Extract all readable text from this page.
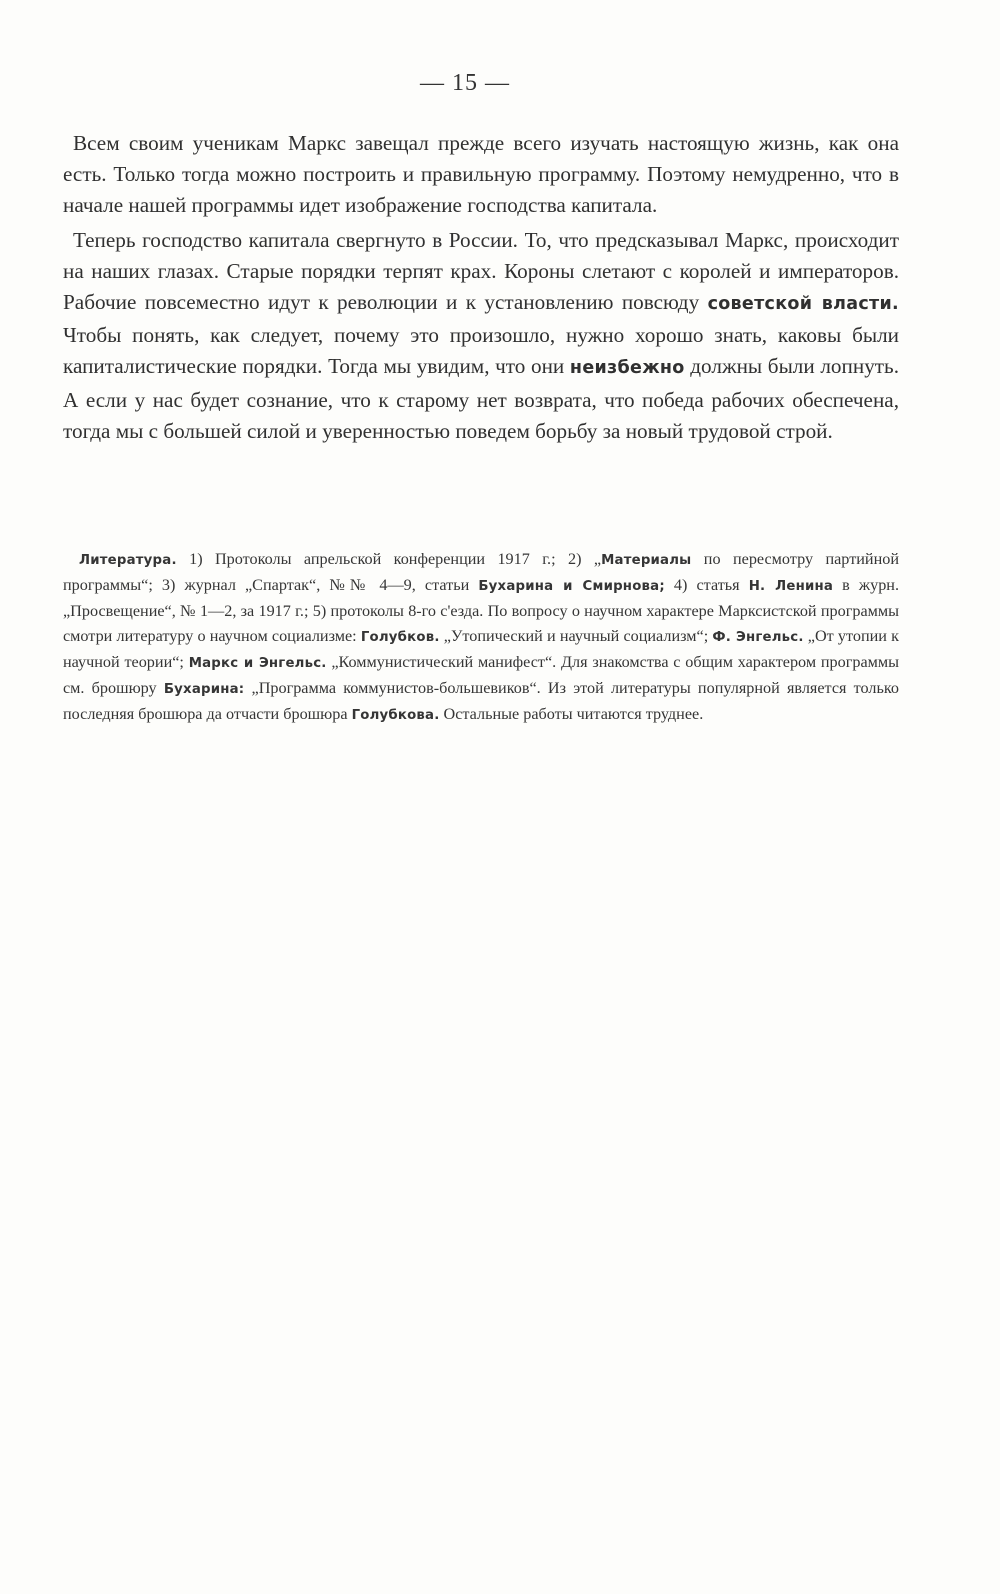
— 15 —

Всем своим ученикам Маркс завещал прежде всего изучать настоящую жизнь, как она есть. Только тогда можно построить и правильную программу. Поэтому немудренно, что в начале нашей программы идет изображение господства капитала.

Теперь господство капитала свергнуто в России. То, что предсказывал Маркс, происходит на наших глазах. Старые порядки терпят крах. Короны слетают с королей и императоров. Рабочие повсеместно идут к революции и к установлению повсюду советской власти. Чтобы понять, как следует, почему это произошло, нужно хорошо знать, каковы были капиталистические порядки. Тогда мы увидим, что они неизбежно должны были лопнуть. А если у нас будет сознание, что к старому нет возврата, что победа рабочих обеспечена, тогда мы с большей силой и уверенностью поведем борьбу за новый трудовой строй.

Литература. 1) Протоколы апрельской конференции 1917 г.; 2) „Материалы по пересмотру партийной программы“; 3) журнал „Спартак“, №№ 4—9, статьи Бухарина и Смирнова; 4) статья Н. Ленина в журн. „Просвещение“, № 1—2, за 1917 г.; 5) протоколы 8-го с'езда. По вопросу о научном характере Марксистской программы смотри литературу о научном социализме: Голубков. „Утопический и научный социализм“; Ф. Энгельс. „От утопии к научной теории“; Маркс и Энгельс. „Коммунистический манифест“. Для знакомства с общим характером программы см. брошюру Бухарина: „Программа коммунистов-большевиков“. Из этой литературы популярной является только последняя брошюра да отчасти брошюра Голубкова. Остальные работы читаются труднее.
